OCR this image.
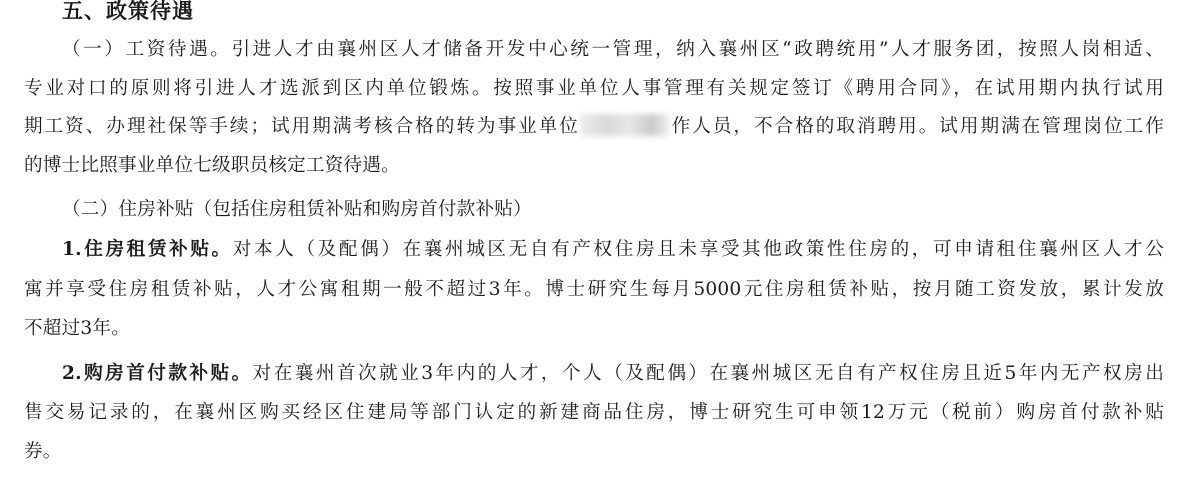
五、政策待遇
（一）工资待遇。引进人才由襄州区人才储备开发中心统一管理，纳入襄州区“政聘统用”人才服务团，按照人岗相适、
专业对口的原则将引进人才选派到区内单位锻炼。按照事业单位人事管理有关规定签订《聘用合同》，在试用期内执行试用
期工资、办理社保等手续；试用期满考核合格的转为事业单位	作人员，不合格的取消聘用。试用期满在管理岗位工作
的博士比照事业单位七级职员核定工资待遇。
（二）住房补贴（包括住房租赁补贴和购房首付款补贴）
1.住房租赁补贴。对本人（及配偶）在襄州城区无自有产权住房且未享受其他政策性住房的，可申请租住襄州区人才公
寓并享受住房租赁补贴，人才公寓租期一般不超过3年。博士研究生每月5000元住房租赁补贴，按月随工资发放，累计发放
不超过3年。
2.购房首付款补贴。对在襄州首次就业3年内的人才，个人（及配偶）在襄州城区无自有产权住房且近5年内无产权房出
售交易记录的，在襄州区购买经区住建局等部门认定的新建商品住房，博士研究生可申领12万元（税前）购房首付款补贴
券。
